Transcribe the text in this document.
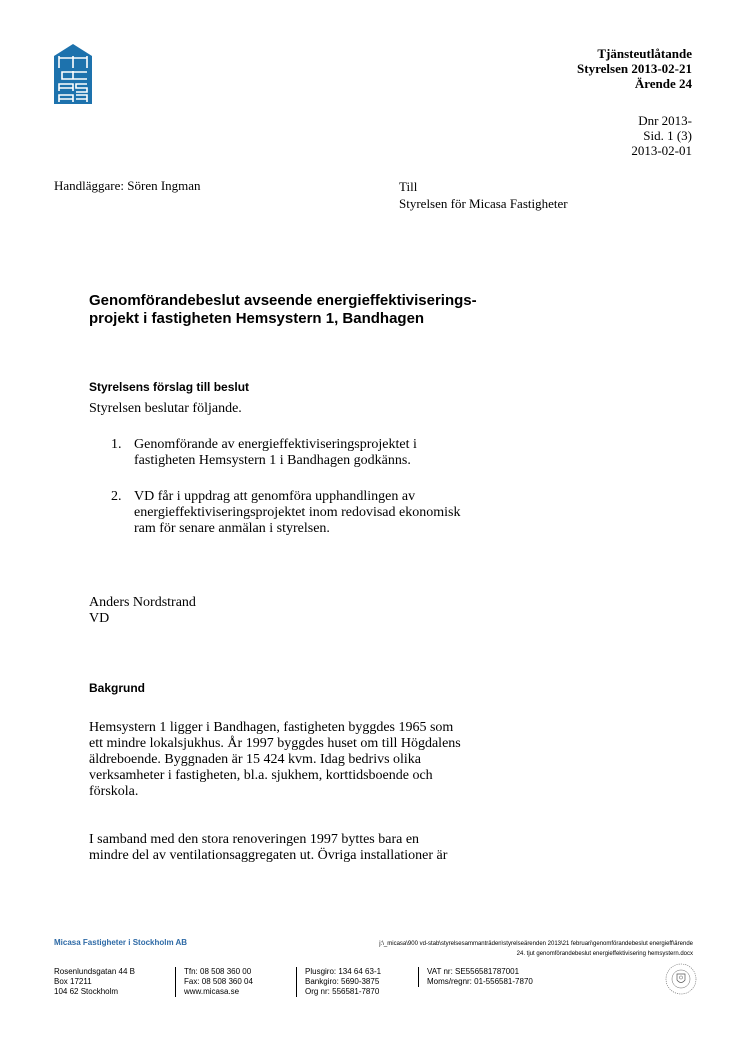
Tjänsteutlåtande
Styrelsen 2013-02-21
Ärende 24
Dnr 2013-
Sid. 1 (3)
2013-02-01
Handläggare: Sören Ingman	Till
Styrelsen för Micasa Fastigheter
Genomförandebeslut avseende energieffektiviserings-
projekt i fastigheten Hemsystern 1, Bandhagen
Styrelsens förslag till beslut
Styrelsen beslutar följande.
1. Genomförande av energieffektiviseringsprojektet i
fastigheten Hemsystern 1 i Bandhagen godkänns.
2. VD får i uppdrag att genomföra upphandlingen av
energieffektiviseringsprojektet inom redovisad ekonomisk
ram för senare anmälan i styrelsen.
Anders Nordstrand
VD
Bakgrund
Hemsystern 1 ligger i Bandhagen, fastigheten byggdes 1965 som
ett mindre lokalsjukhus. År 1997 byggdes huset om till Högdalens
äldreboende. Byggnaden är 15 424 kvm. Idag bedrivs olika
verksamheter i fastigheten, bl.a. sjukhem, korttidsboende och
förskola.
I samband med den stora renoveringen 1997 byttes bara en
mindre del av ventilationsaggregaten ut. Övriga installationer är
Micasa Fastigheter i Stockholm AB	j:\_micasa\900 vd-stab\styrelsesammanträden\styrelseärenden 2013\21 februari\genomförandebeslut energieff\ärende
24. tjut genomförandebeslut energieffektivisering hemsystern.docx
Rosenlundsgatan 44 B
Box 17211
104 62 Stockholm
Tfn: 08 508 360 00
Fax: 08 508 360 04
www.micasa.se
Plusgiro: 134 64 63-1
Bankgiro: 5690-3875
Org nr: 556581-7870
VAT nr: SE556581787001
Moms/regnr: 01-556581-7870
